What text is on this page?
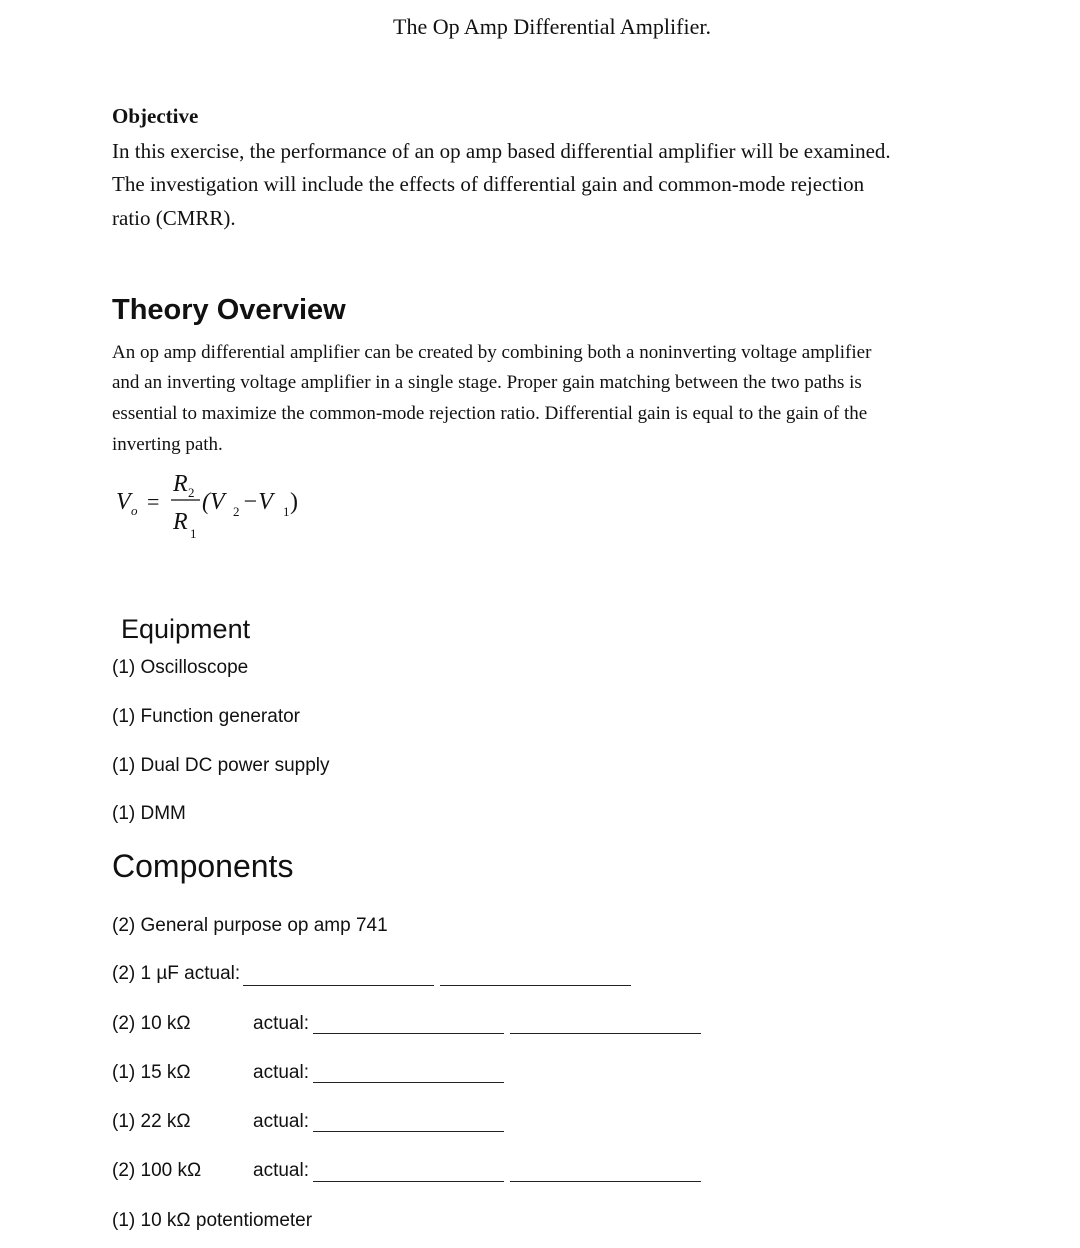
The Op Amp Differential Amplifier.
Objective
In this exercise, the performance of an op amp based differential amplifier will be examined.
The investigation will include the effects of differential gain and common-mode rejection
ratio (CMRR).
Theory Overview
An op amp differential amplifier can be created by combining both a noninverting voltage amplifier
and an inverting voltage amplifier in a single stage. Proper gain matching between the two paths is
essential to maximize the common-mode rejection ratio. Differential gain is equal to the gain of the
inverting path.
V o =
R 2
R 1
(V 2 −V 1 )
Equipment
(1) Oscilloscope
(1) Function generator
(1) Dual DC power supply
(1) DMM
Components
(2) General purpose op amp 741
(2) 1 µF actual:
(2) 10 kΩ	actual:
(1) 15 kΩ	actual:
(1) 22 kΩ	actual:
(2) 100 kΩ	actual:
(1) 10 kΩ potentiometer
